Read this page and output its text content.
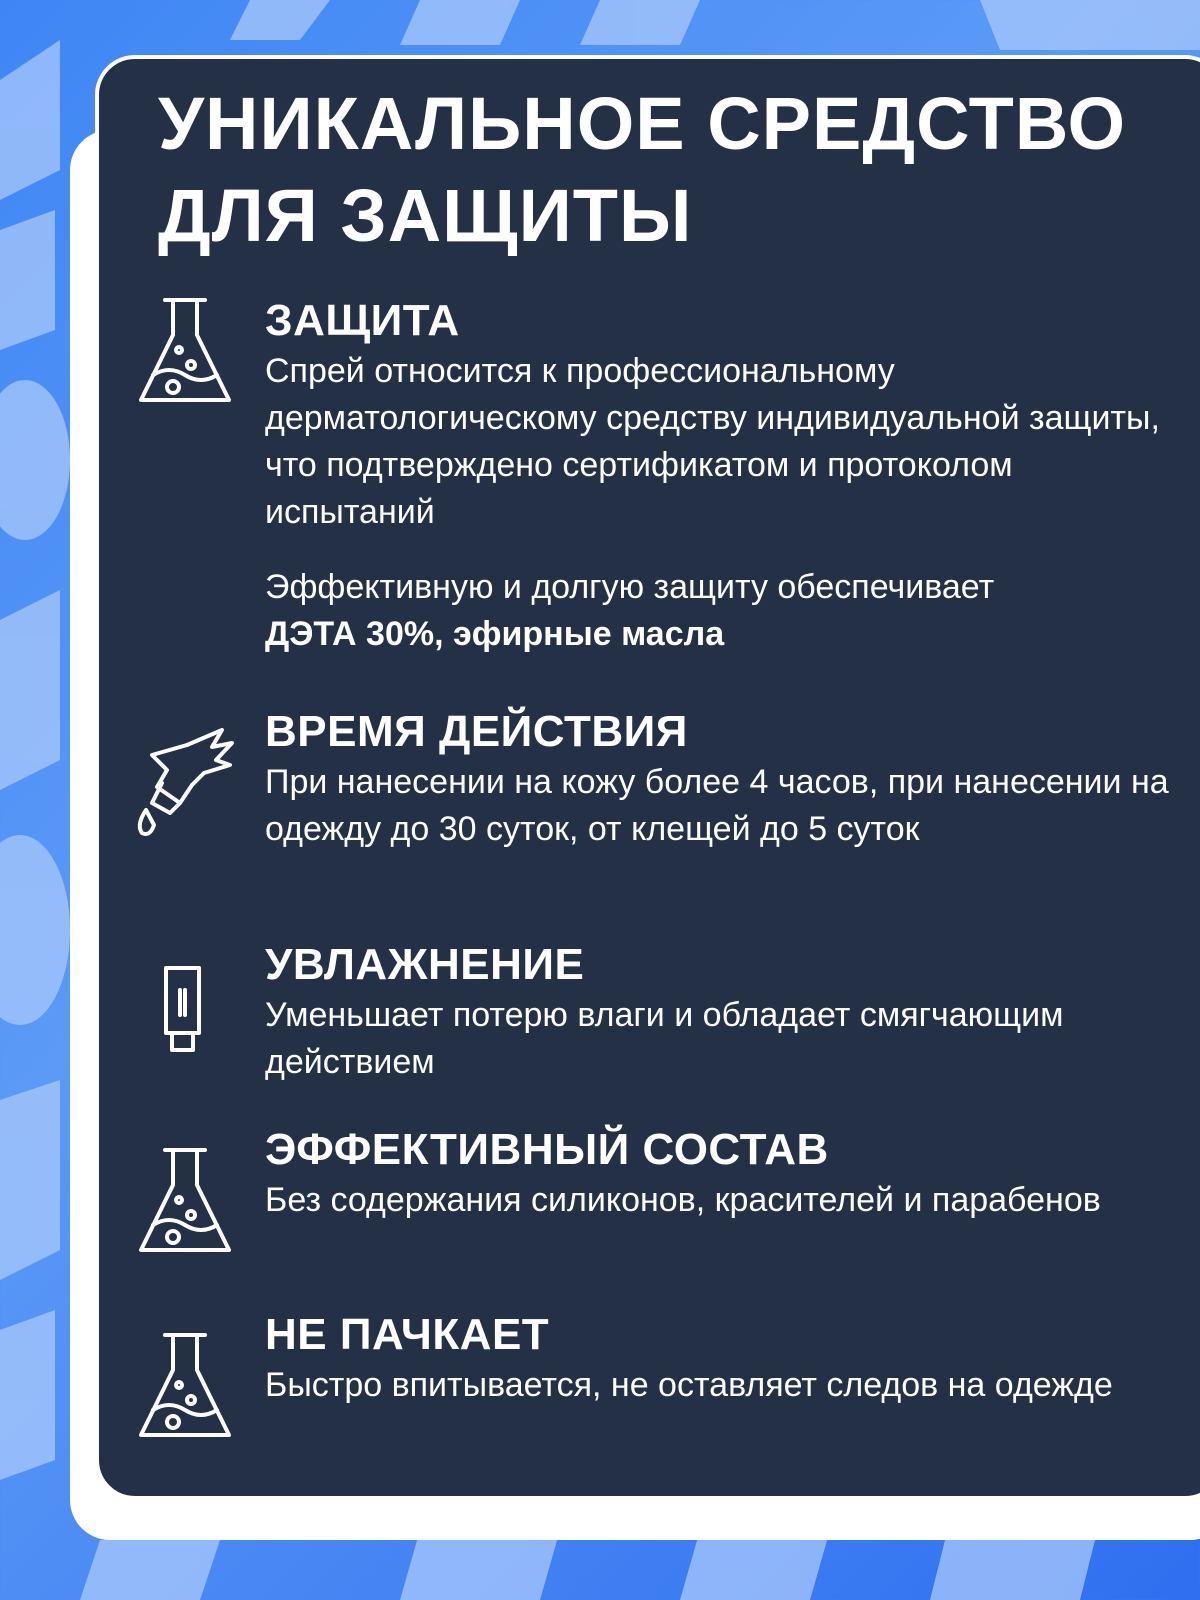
УНИКАЛЬНОЕ СРЕДСТВО
ДЛЯ ЗАЩИТЫ
ЗАЩИТА

Спрей относится к профессиональному дерматологическому средству индивидуальной защиты, что подтверждено сертификатом и протоколом испытаний

Эффективную и долгую защиту обеспечивает
ДЭТА 30%, эфирные масла

ВРЕМЯ ДЕЙСТВИЯ

При нанесении на кожу более 4 часов, при нанесении на одежду до 30 суток, от клещей до 5 суток

УВЛАЖНЕНИЕ

Уменьшает потерю влаги и обладает смягчающим действием

ЭФФЕКТИВНЫЙ СОСТАВ

Без содержания силиконов, красителей и парабенов

НЕ ПАЧКАЕТ

Быстро впитывается, не оставляет следов на одежде
